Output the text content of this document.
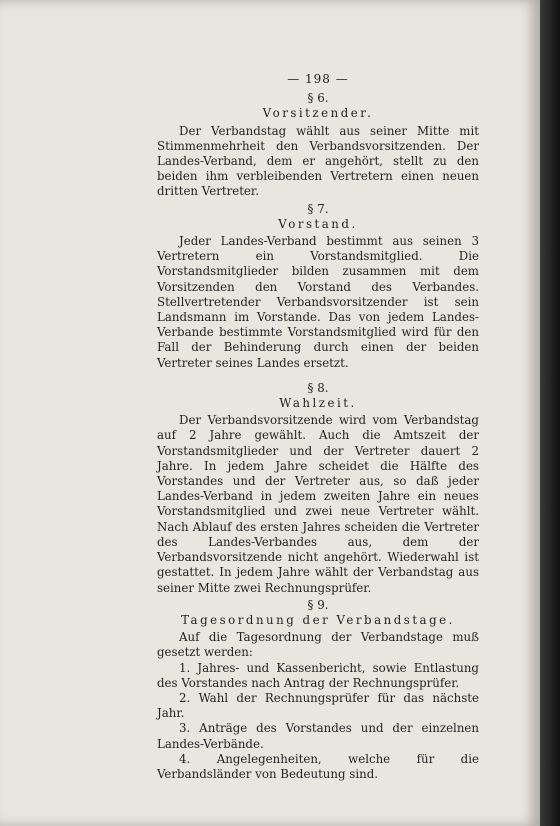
— 198 —
§ 6.
Vorsitzender.

Der Verbandstag wählt aus seiner Mitte mit Stimmenmehrheit den Verbandsvorsitzenden. Der Landes-Verband, dem er angehört, stellt zu den beiden ihm verbleibenden Vertretern einen neuen dritten Vertreter.

§ 7.
Vorstand.

Jeder Landes-Verband bestimmt aus seinen 3 Vertretern ein Vorstandsmitglied. Die Vorstandsmitglieder bilden zusammen mit dem Vorsitzenden den Vorstand des Verbandes. Stellvertretender Verbandsvorsitzender ist sein Landsmann im Vorstande. Das von jedem Landes-Verbande bestimmte Vorstandsmitglied wird für den Fall der Behinderung durch einen der beiden Vertreter seines Landes ersetzt.

§ 8.
Wahlzeit.

Der Verbandsvorsitzende wird vom Verbandstag auf 2 Jahre gewählt. Auch die Amtszeit der Vorstandsmitglieder und der Vertreter dauert 2 Jahre. In jedem Jahre scheidet die Hälfte des Vorstandes und der Vertreter aus, so daß jeder Landes-Verband in jedem zweiten Jahre ein neues Vorstandsmitglied und zwei neue Vertreter wählt. Nach Ablauf des ersten Jahres scheiden die Vertreter des Landes-Verbandes aus, dem der Verbandsvorsitzende nicht angehört. Wiederwahl ist gestattet. In jedem Jahre wählt der Verbandstag aus seiner Mitte zwei Rechnungsprüfer.

§ 9.
Tagesordnung der Verbandstage.

Auf die Tagesordnung der Verbandstage muß gesetzt werden:

1. Jahres- und Kassenbericht, sowie Entlastung des Vorstandes nach Antrag der Rechnungsprüfer.

2. Wahl der Rechnungsprüfer für das nächste Jahr.

3. Anträge des Vorstandes und der einzelnen Landes-Verbände.

4. Angelegenheiten, welche für die Verbandsländer von Bedeutung sind.
